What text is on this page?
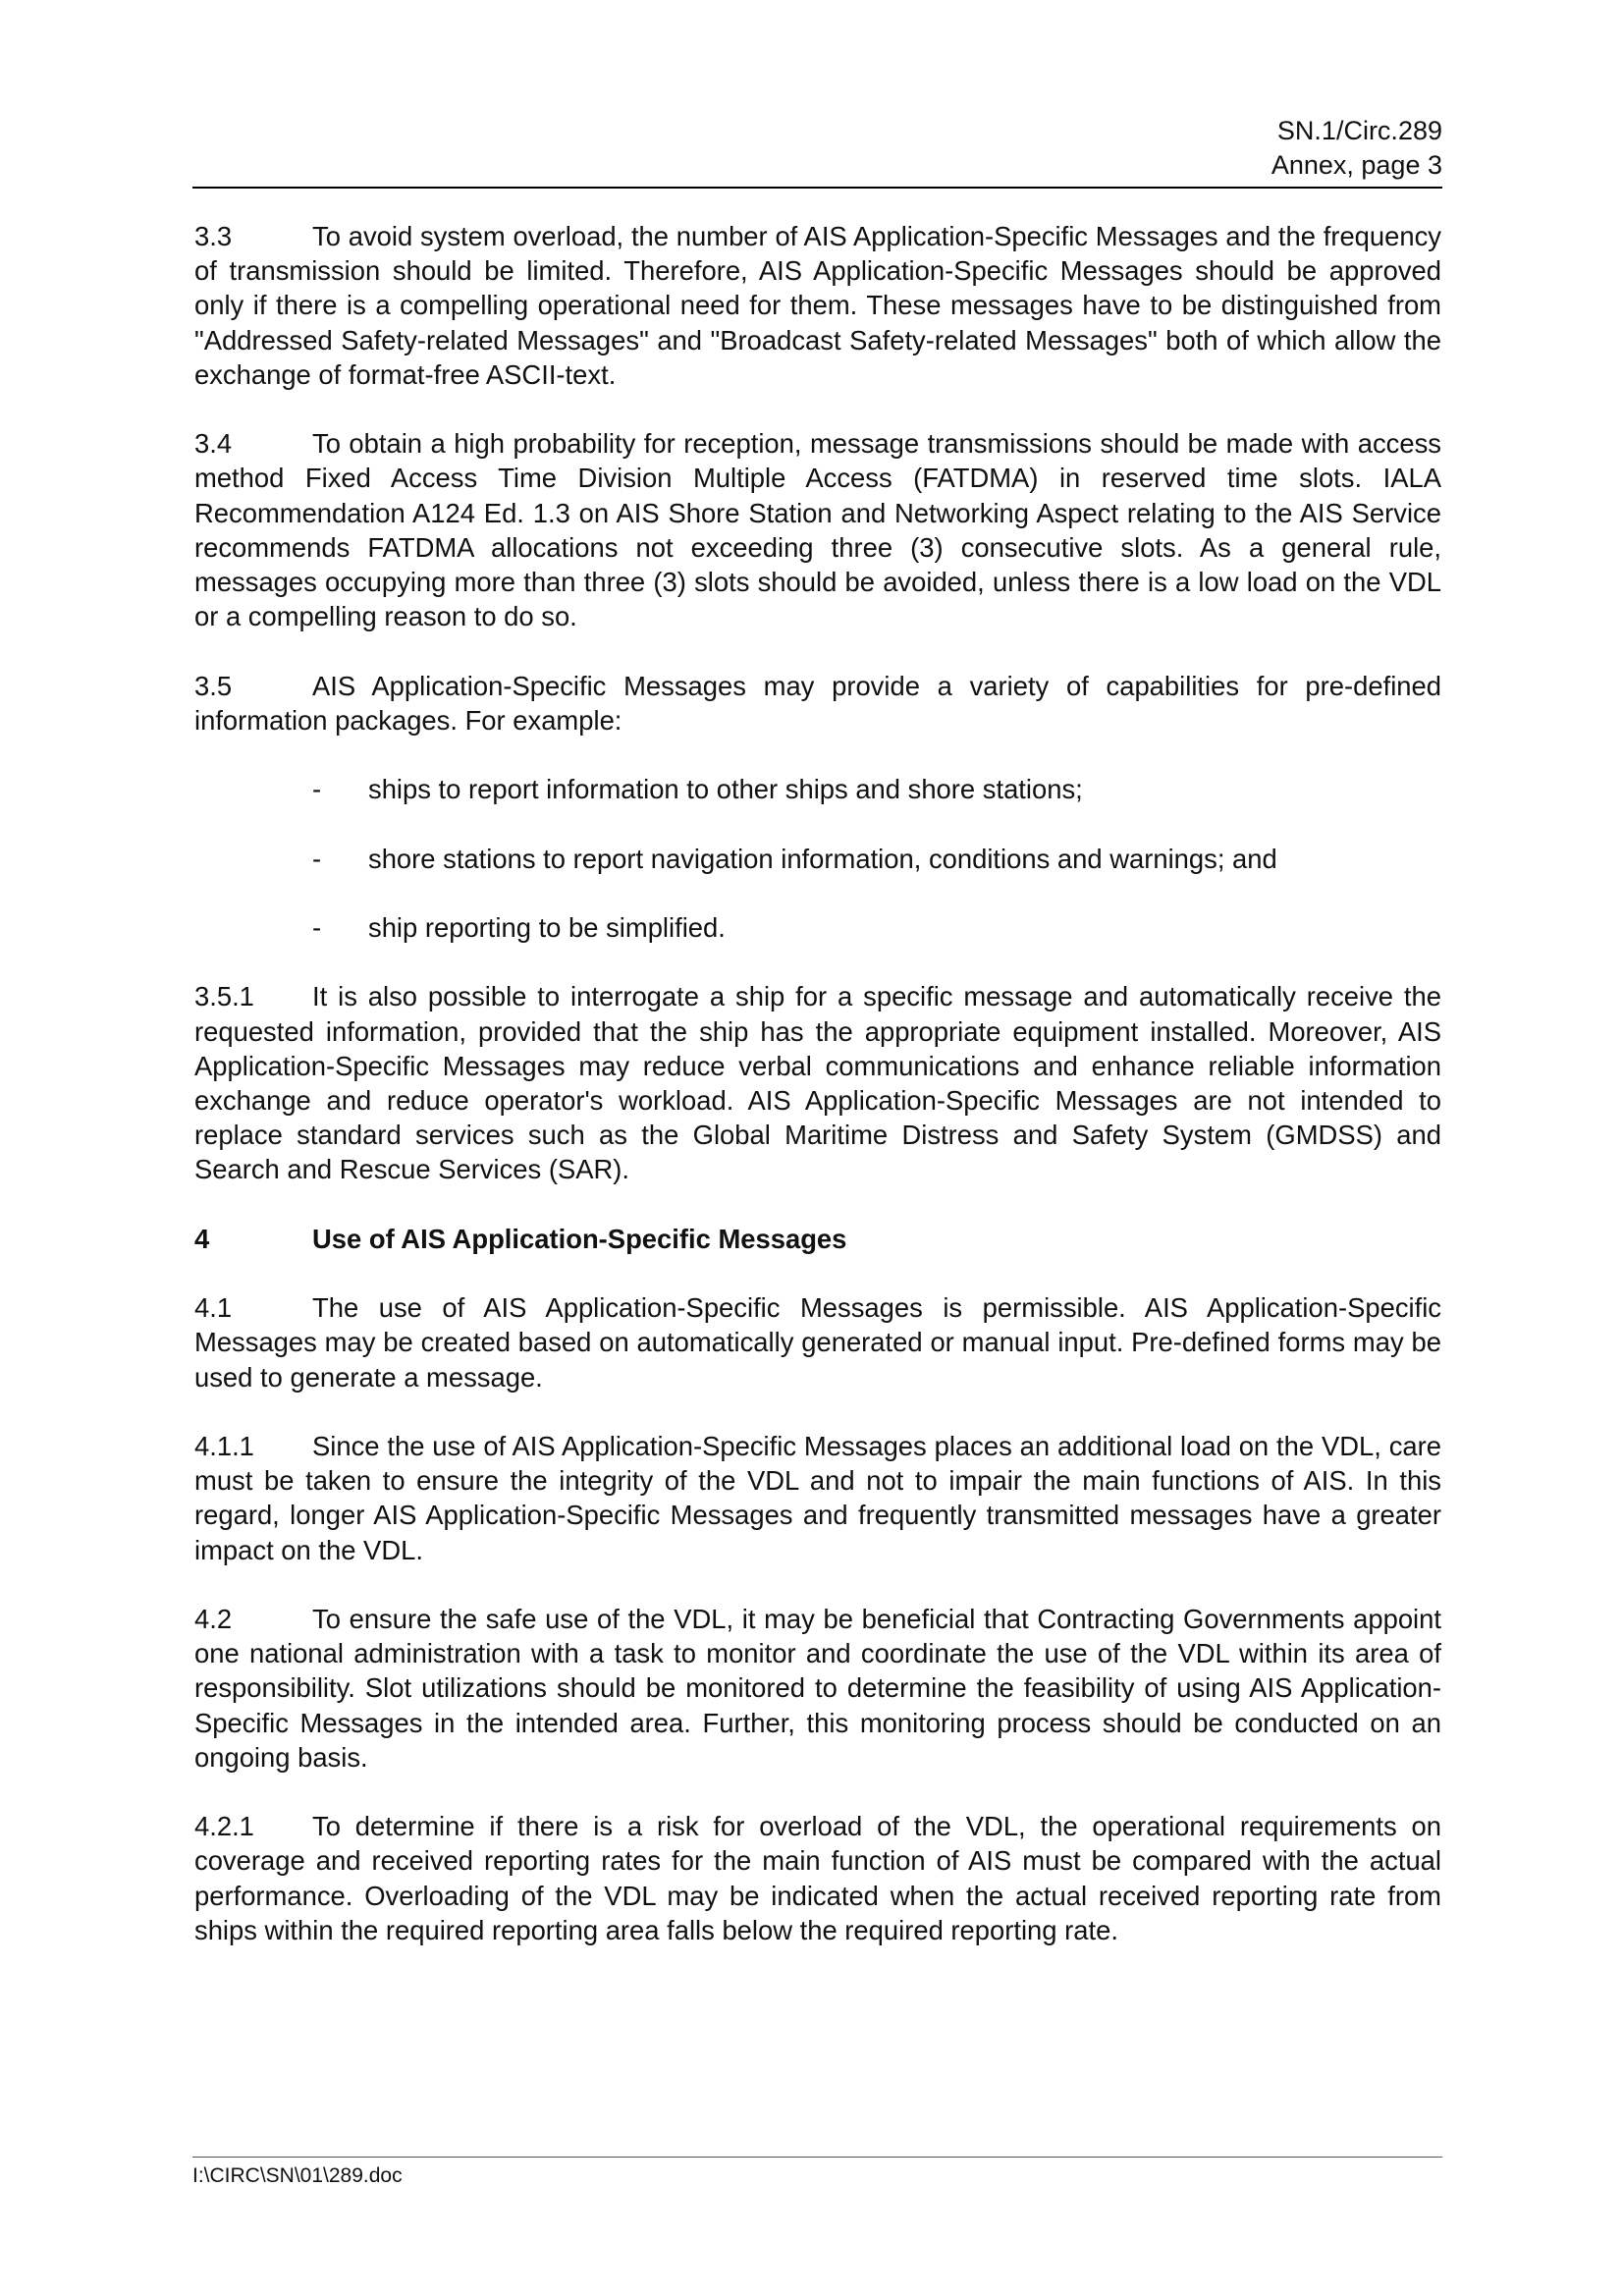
SN.1/Circ.289
Annex, page 3

3.3	To avoid system overload, the number of AIS Application-Specific Messages and the frequency of transmission should be limited. Therefore, AIS Application-Specific Messages should be approved only if there is a compelling operational need for them. These messages have to be distinguished from "Addressed Safety-related Messages" and "Broadcast Safety-related Messages" both of which allow the exchange of format-free ASCII-text.

3.4	To obtain a high probability for reception, message transmissions should be made with access method Fixed Access Time Division Multiple Access (FATDMA) in reserved time slots. IALA Recommendation A124 Ed. 1.3 on AIS Shore Station and Networking Aspect relating to the AIS Service recommends FATDMA allocations not exceeding three (3) consecutive slots. As a general rule, messages occupying more than three (3) slots should be avoided, unless there is a low load on the VDL or a compelling reason to do so.

3.5	AIS Application-Specific Messages may provide a variety of capabilities for pre-defined information packages. For example:

- ships to report information to other ships and shore stations;
- shore stations to report navigation information, conditions and warnings; and
- ship reporting to be simplified.

3.5.1 It is also possible to interrogate a ship for a specific message and automatically receive the requested information, provided that the ship has the appropriate equipment installed. Moreover, AIS Application-Specific Messages may reduce verbal communications and enhance reliable information exchange and reduce operator's workload. AIS Application-Specific Messages are not intended to replace standard services such as the Global Maritime Distress and Safety System (GMDSS) and Search and Rescue Services (SAR).

4	Use of AIS Application-Specific Messages

4.1	The use of AIS Application-Specific Messages is permissible. AIS Application-Specific Messages may be created based on automatically generated or manual input. Pre-defined forms may be used to generate a message.

4.1.1 Since the use of AIS Application-Specific Messages places an additional load on the VDL, care must be taken to ensure the integrity of the VDL and not to impair the main functions of AIS. In this regard, longer AIS Application-Specific Messages and frequently transmitted messages have a greater impact on the VDL.

4.2	To ensure the safe use of the VDL, it may be beneficial that Contracting Governments appoint one national administration with a task to monitor and coordinate the use of the VDL within its area of responsibility. Slot utilizations should be monitored to determine the feasibility of using AIS Application-Specific Messages in the intended area. Further, this monitoring process should be conducted on an ongoing basis.

4.2.1 To determine if there is a risk for overload of the VDL, the operational requirements on coverage and received reporting rates for the main function of AIS must be compared with the actual performance. Overloading of the VDL may be indicated when the actual received reporting rate from ships within the required reporting area falls below the required reporting rate.

I:\CIRC\SN\01\289.doc
